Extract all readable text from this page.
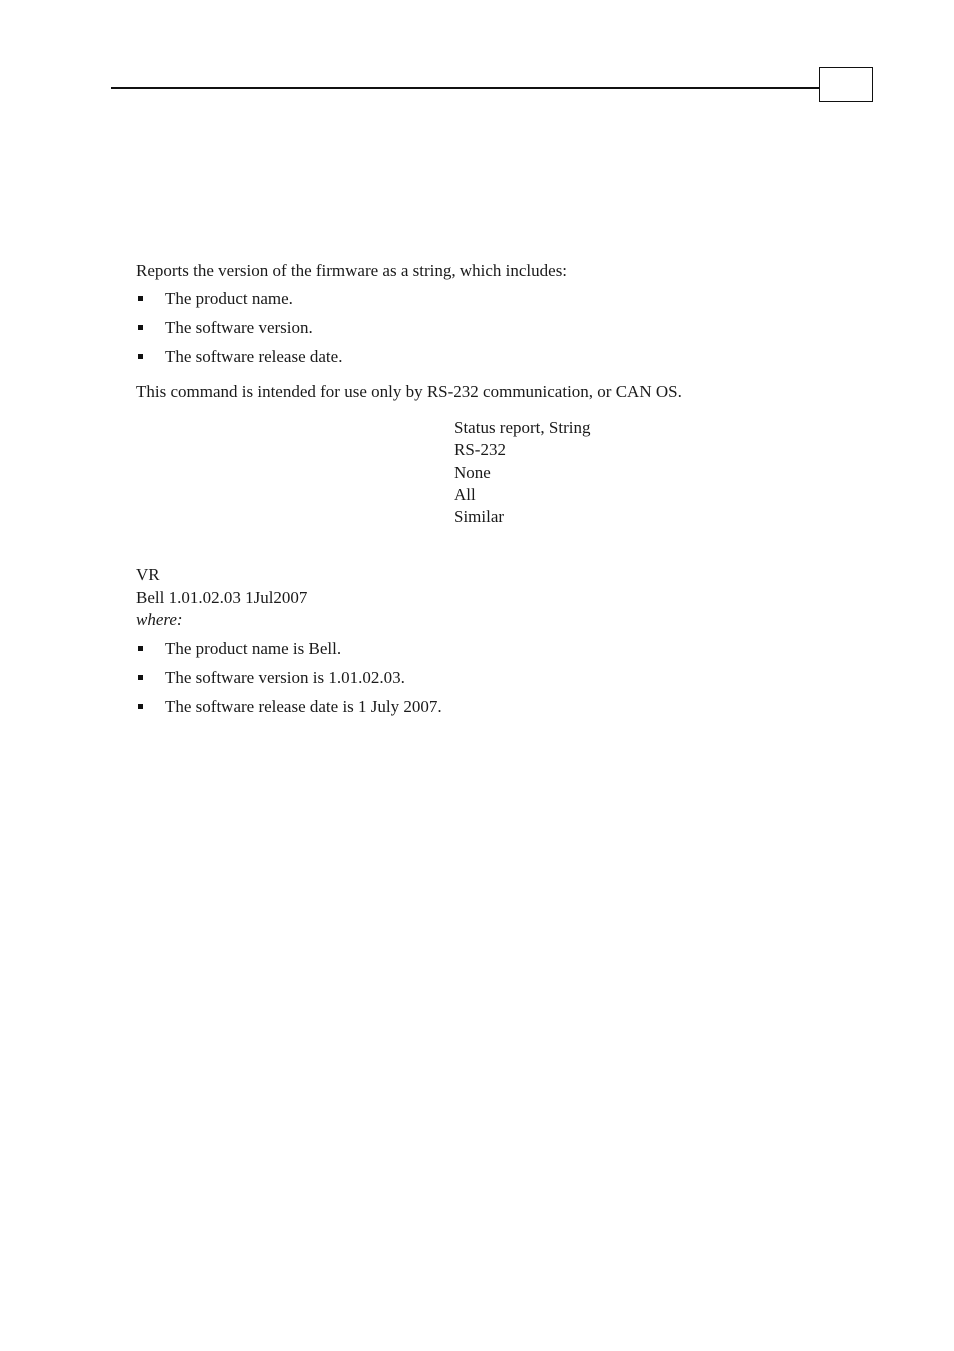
Reports the version of the firmware as a string, which includes:
The product name.
The software version.
The software release date.
This command is intended for use only by RS-232 communication, or CAN OS.
VR
Bell 1.01.02.03 1Jul2007
where:
The product name is Bell.
The software version is 1.01.02.03.
The software release date is 1 July 2007.
Status report, String
RS-232
None
All
Similar
